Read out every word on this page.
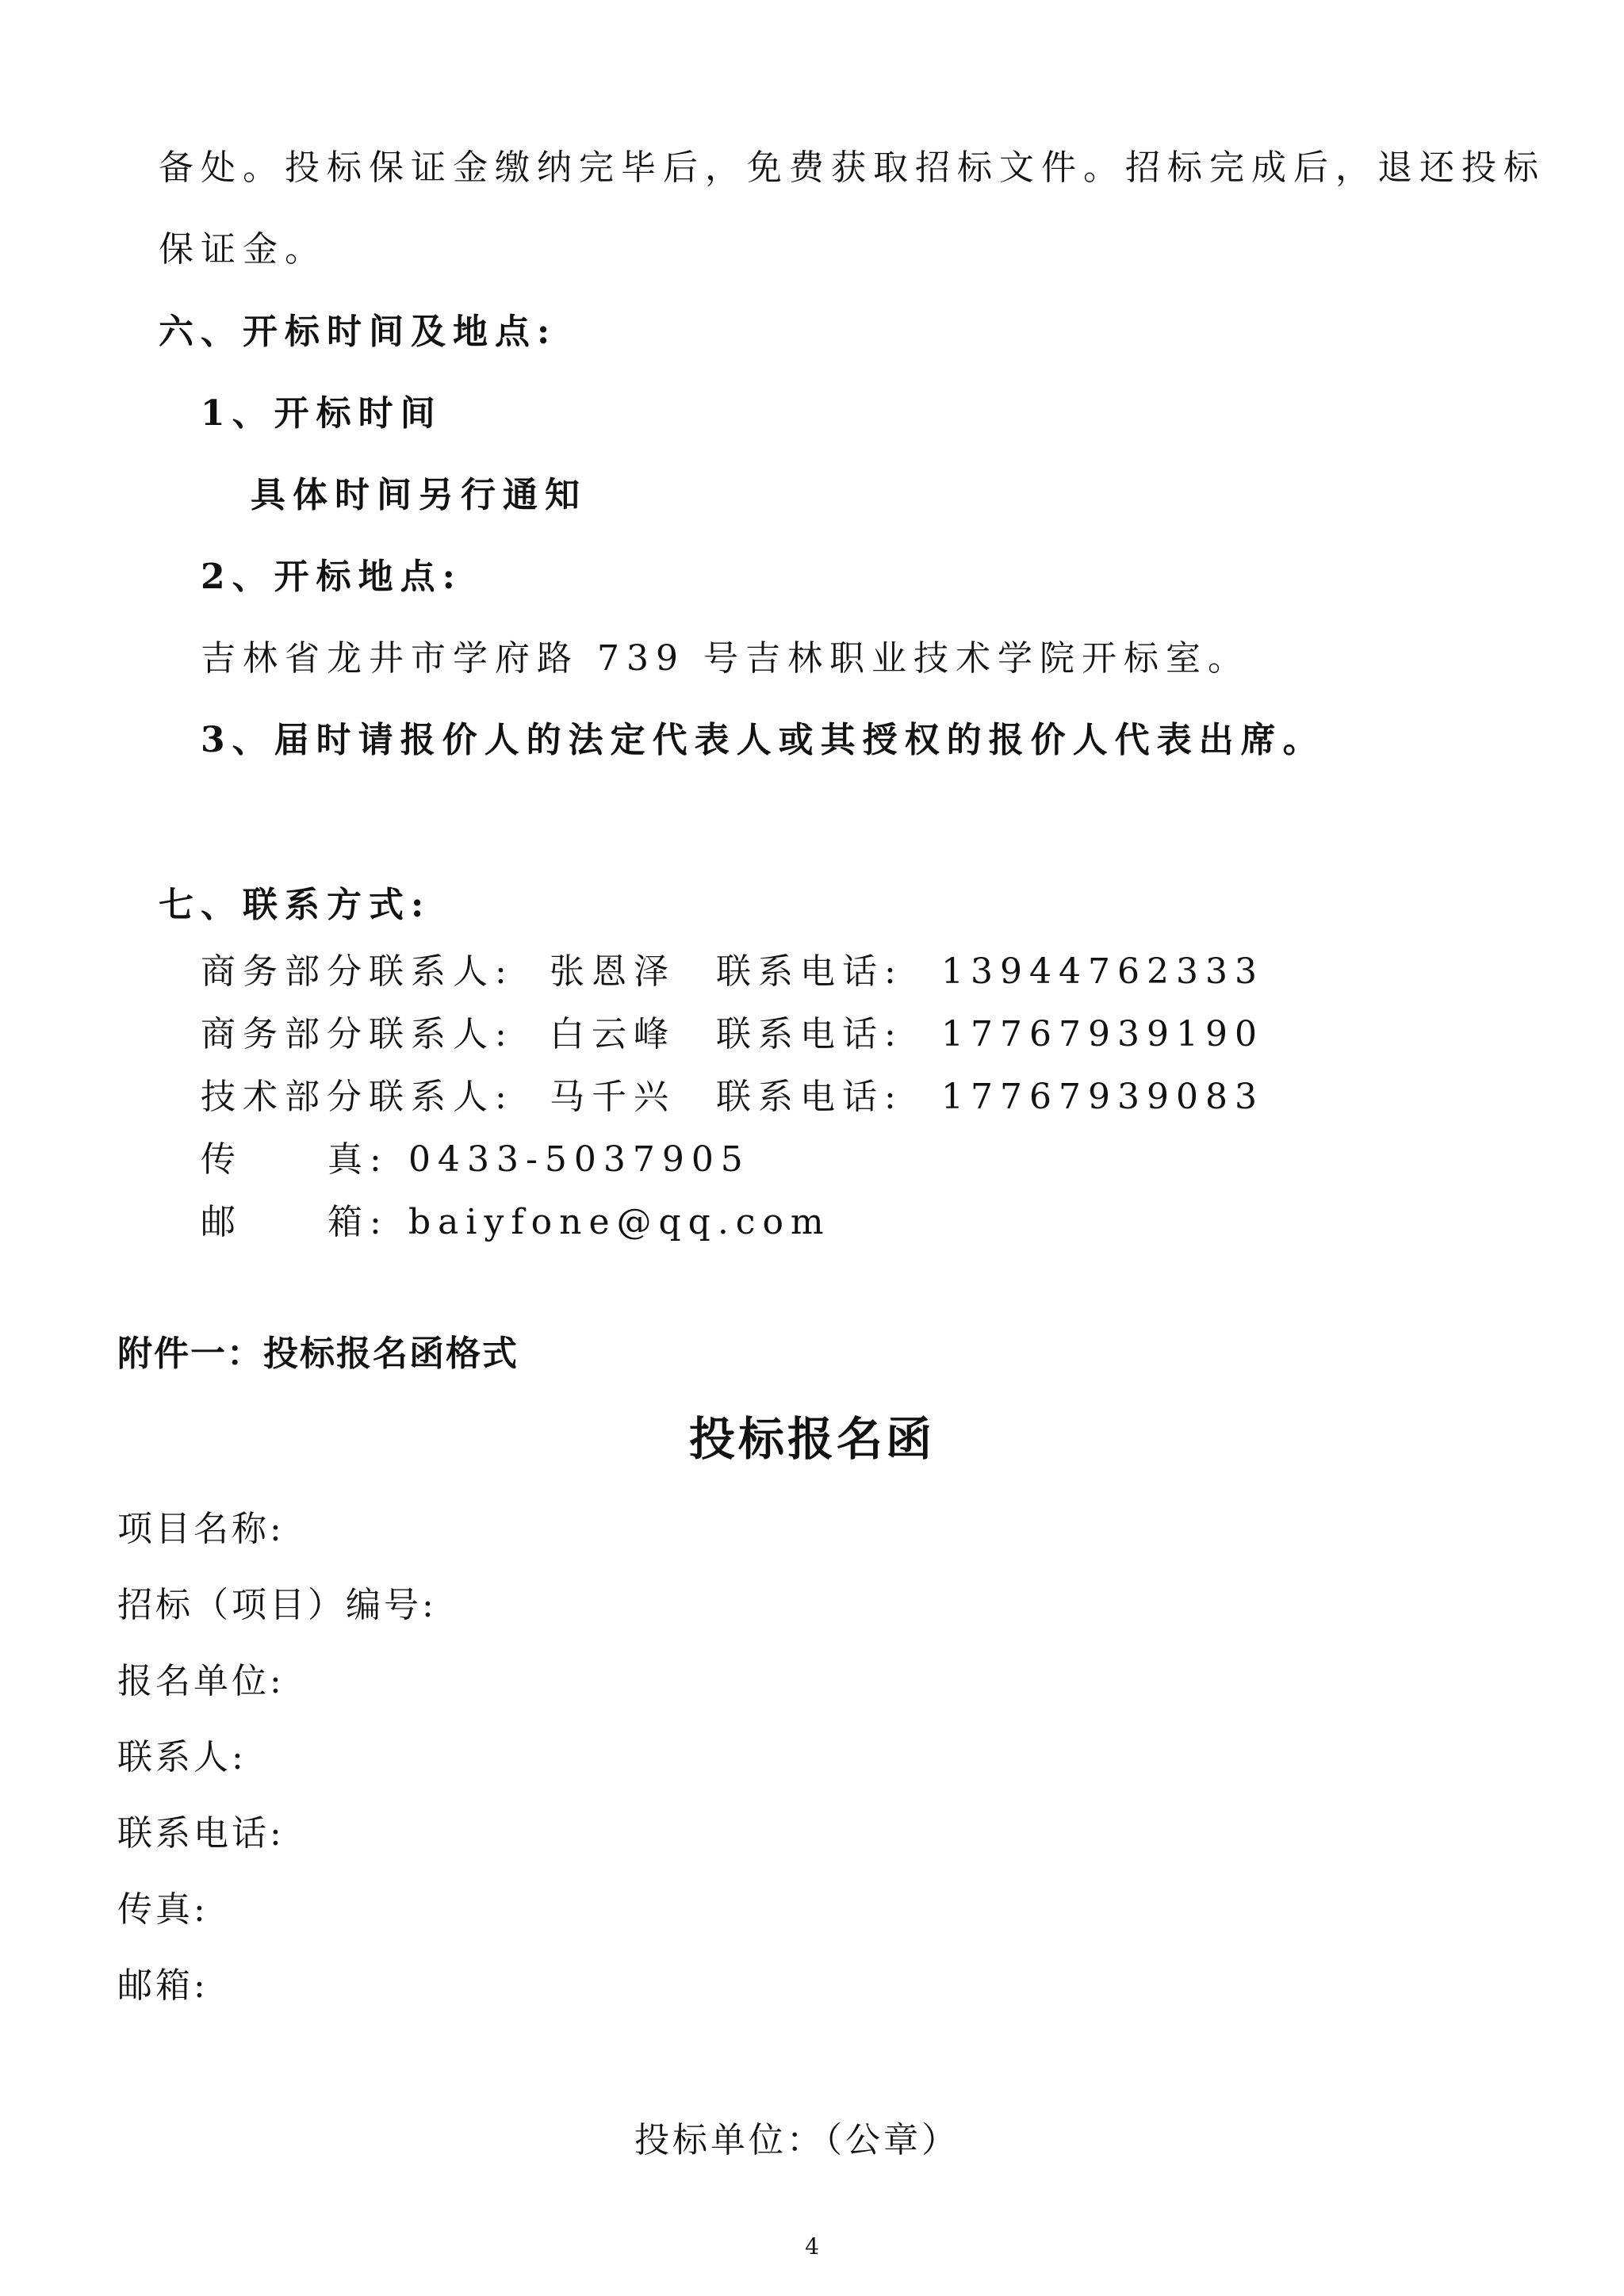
备处。投标保证金缴纳完毕后，免费获取招标文件。招标完成后，退还投标
保证金。
六、开标时间及地点:
1、开标时间
具体时间另行通知
2、开标地点:
吉林省龙井市学府路 739 号吉林职业技术学院开标室。
3、届时请报价人的法定代表人或其授权的报价人代表出席。
七、联系方式:
商务部分联系人: 张恩泽 联系电话: 13944762333
商务部分联系人: 白云峰 联系电话: 17767939190
技术部分联系人: 马千兴 联系电话: 17767939083
传 真: 0433-5037905
邮 箱: baiyfone@qq.com
附件一：投标报名函格式
投标报名函
项目名称:
招标（项目）编号:
报名单位:
联系人:
联系电话:
传真:
邮箱:
投标单位：（公章）
4
